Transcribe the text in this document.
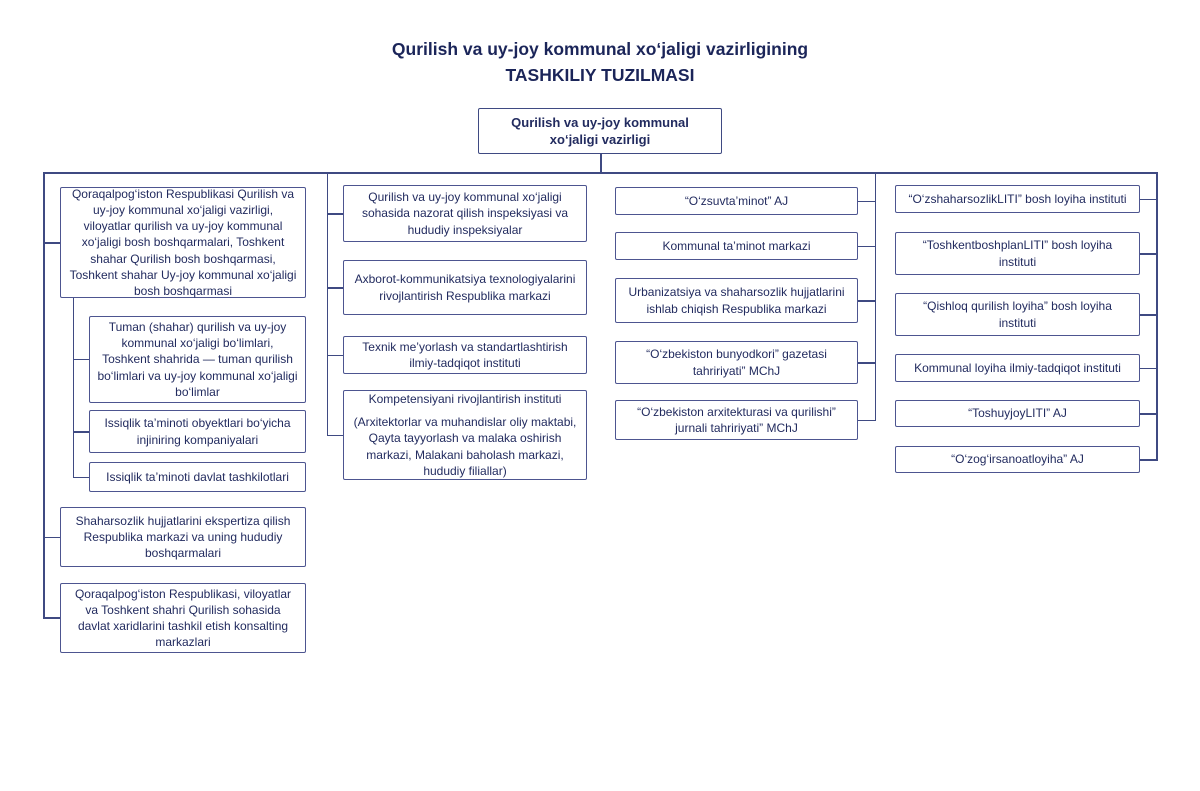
Qurilish va uy-joy kommunal xo‘jaligi vazirligining
TASHKILIY TUZILMASI
Qurilish va uy-joy kommunal xo‘jaligi vazirligi
Qoraqalpog‘iston Respublikasi Qurilish va uy-joy kommunal xo‘jaligi vazirligi, viloyatlar qurilish va uy-joy kommunal xo‘jaligi bosh boshqarmalari, Toshkent shahar Qurilish bosh boshqarmasi, Toshkent shahar Uy-joy kommunal xo‘jaligi bosh boshqarmasi
Tuman (shahar) qurilish va uy-joy kommunal xo‘jaligi bo‘limlari, Toshkent shahrida — tuman qurilish bo‘limlari va uy-joy kommunal xo‘jaligi bo‘limlar
Issiqlik ta’minoti obyektlari bo‘yicha injiniring kompaniyalari
Issiqlik ta’minoti davlat tashkilotlari
Shaharsozlik hujjatlarini ekspertiza qilish Respublika markazi va uning hududiy boshqarmalari
Qoraqalpog‘iston Respublikasi, viloyatlar va Toshkent shahri Qurilish sohasida davlat xaridlarini tashkil etish konsalting markazlari
Qurilish va uy-joy kommunal xo‘jaligi sohasida nazorat qilish inspeksiyasi va hududiy inspeksiyalar
Axborot-kommunikatsiya texnologiyalarini rivojlantirish Respublika markazi
Texnik me’yorlash va standartlashtirish ilmiy-tadqiqot instituti
Kompetensiyani rivojlantirish instituti
(Arxitektorlar va muhandislar oliy maktabi, Qayta tayyorlash va malaka oshirish markazi, Malakani baholash markazi, hududiy filiallar)
“O‘zsuvta’minot” AJ
Kommunal ta’minot markazi
Urbanizatsiya va shaharsozlik hujjatlarini ishlab chiqish Respublika markazi
“O‘zbekiston bunyodkori” gazetasi tahririyati” MChJ
“O‘zbekiston arxitekturasi va qurilishi” jurnali tahririyati” MChJ
“O‘zshaharsozlikLITI” bosh loyiha instituti
“ToshkentboshplanLITI” bosh loyiha instituti
“Qishloq qurilish loyiha” bosh loyiha instituti
Kommunal loyiha ilmiy-tadqiqot instituti
“ToshuyjoyLITI” AJ
“O‘zog‘irsanoatloyiha” AJ
